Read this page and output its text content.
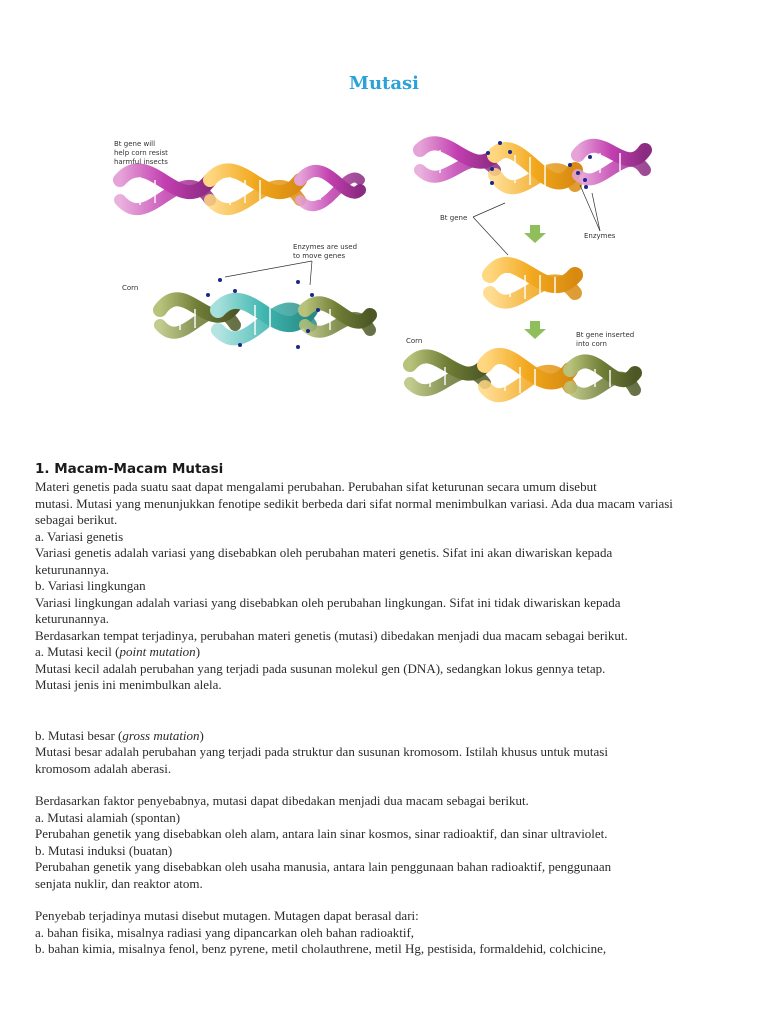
Mutasi
Bt gene will
help corn resist
harmful insects
Enzymes are used
to move genes
Corn
Bt gene
Enzymes
Bt gene inserted
into corn
Corn
1. Macam-Macam Mutasi

Materi genetis pada suatu saat dapat mengalami perubahan. Perubahan sifat keturunan secara umum disebut

mutasi. Mutasi yang menunjukkan fenotipe sedikit berbeda dari sifat normal menimbulkan variasi. Ada dua macam variasi

sebagai berikut.

a. Variasi genetis

Variasi genetis adalah variasi yang disebabkan oleh perubahan materi genetis. Sifat ini akan diwariskan kepada

keturunannya.

b. Variasi lingkungan

Variasi lingkungan adalah variasi yang disebabkan oleh perubahan lingkungan. Sifat ini tidak diwariskan kepada

keturunannya.

Berdasarkan tempat terjadinya, perubahan materi genetis (mutasi) dibedakan menjadi dua macam sebagai berikut.

a. Mutasi kecil (point mutation)

Mutasi kecil adalah perubahan yang terjadi pada susunan molekul gen (DNA), sedangkan lokus gennya tetap.

Mutasi jenis ini menimbulkan alela.

b. Mutasi besar (gross mutation)

Mutasi besar adalah perubahan yang terjadi pada struktur dan susunan kromosom. Istilah khusus untuk mutasi

kromosom adalah aberasi.

Berdasarkan faktor penyebabnya, mutasi dapat dibedakan menjadi dua macam sebagai berikut.

a. Mutasi alamiah (spontan)

Perubahan genetik yang disebabkan oleh alam, antara lain sinar kosmos, sinar radioaktif, dan sinar ultraviolet.

b. Mutasi induksi (buatan)

Perubahan genetik yang disebabkan oleh usaha manusia, antara lain penggunaan bahan radioaktif, penggunaan

senjata nuklir, dan reaktor atom.

Penyebab terjadinya mutasi disebut mutagen. Mutagen dapat berasal dari:

a. bahan fisika, misalnya radiasi yang dipancarkan oleh bahan radioaktif,

b. bahan kimia, misalnya fenol, benz pyrene, metil cholauthrene, metil Hg, pestisida, formaldehid, colchicine,
